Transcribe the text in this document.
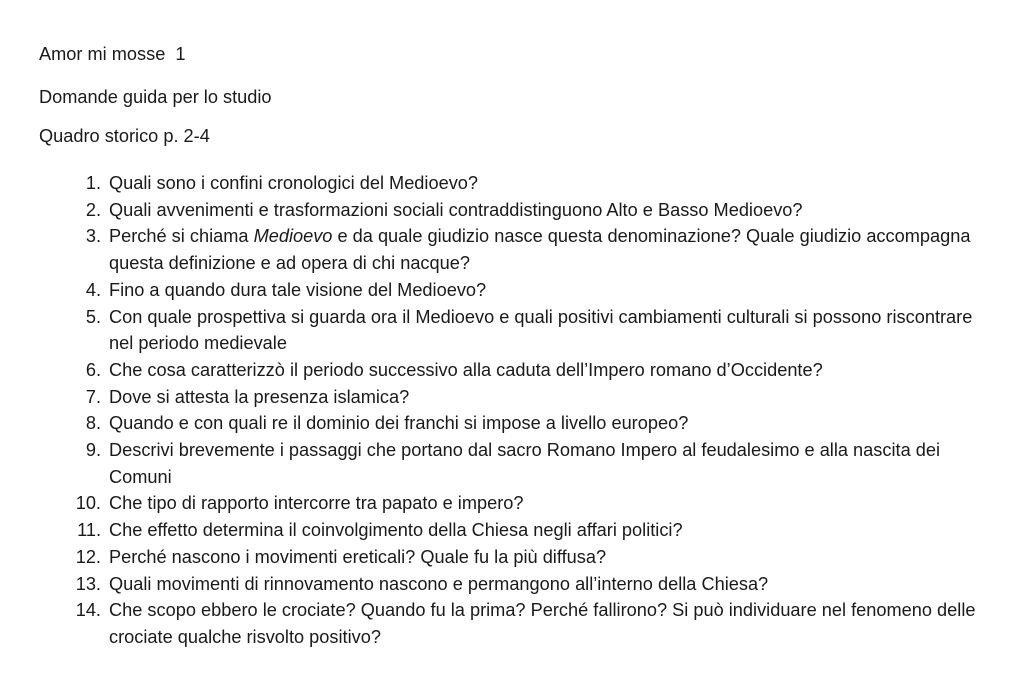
Amor mi mosse  1
Domande guida per lo studio
Quadro storico p. 2-4
1. Quali sono i confini cronologici del Medioevo?
2. Quali avvenimenti e trasformazioni sociali contraddistinguono Alto e Basso Medioevo?
3. Perché si chiama Medioevo e da quale giudizio nasce questa denominazione? Quale giudizio accompagna questa definizione e ad opera di chi nacque?
4. Fino a quando dura tale visione del Medioevo?
5. Con quale prospettiva si guarda ora il Medioevo e quali positivi cambiamenti culturali si possono riscontrare nel periodo medievale
6. Che cosa caratterizzò il periodo successivo alla caduta dell’Impero romano d’Occidente?
7. Dove si attesta la presenza islamica?
8. Quando e con quali re il dominio dei franchi si impose a livello europeo?
9. Descrivi brevemente i passaggi che portano dal sacro Romano Impero al feudalesimo e alla nascita dei Comuni
10. Che tipo di rapporto intercorre tra papato e impero?
11. Che effetto determina il coinvolgimento della Chiesa negli affari politici?
12. Perché nascono i movimenti ereticali? Quale fu la più diffusa?
13. Quali movimenti di rinnovamento nascono e permangono all’interno della Chiesa?
14. Che scopo ebbero le crociate? Quando fu la prima? Perché fallirono? Si può individuare nel fenomeno delle crociate qualche risvolto positivo?
